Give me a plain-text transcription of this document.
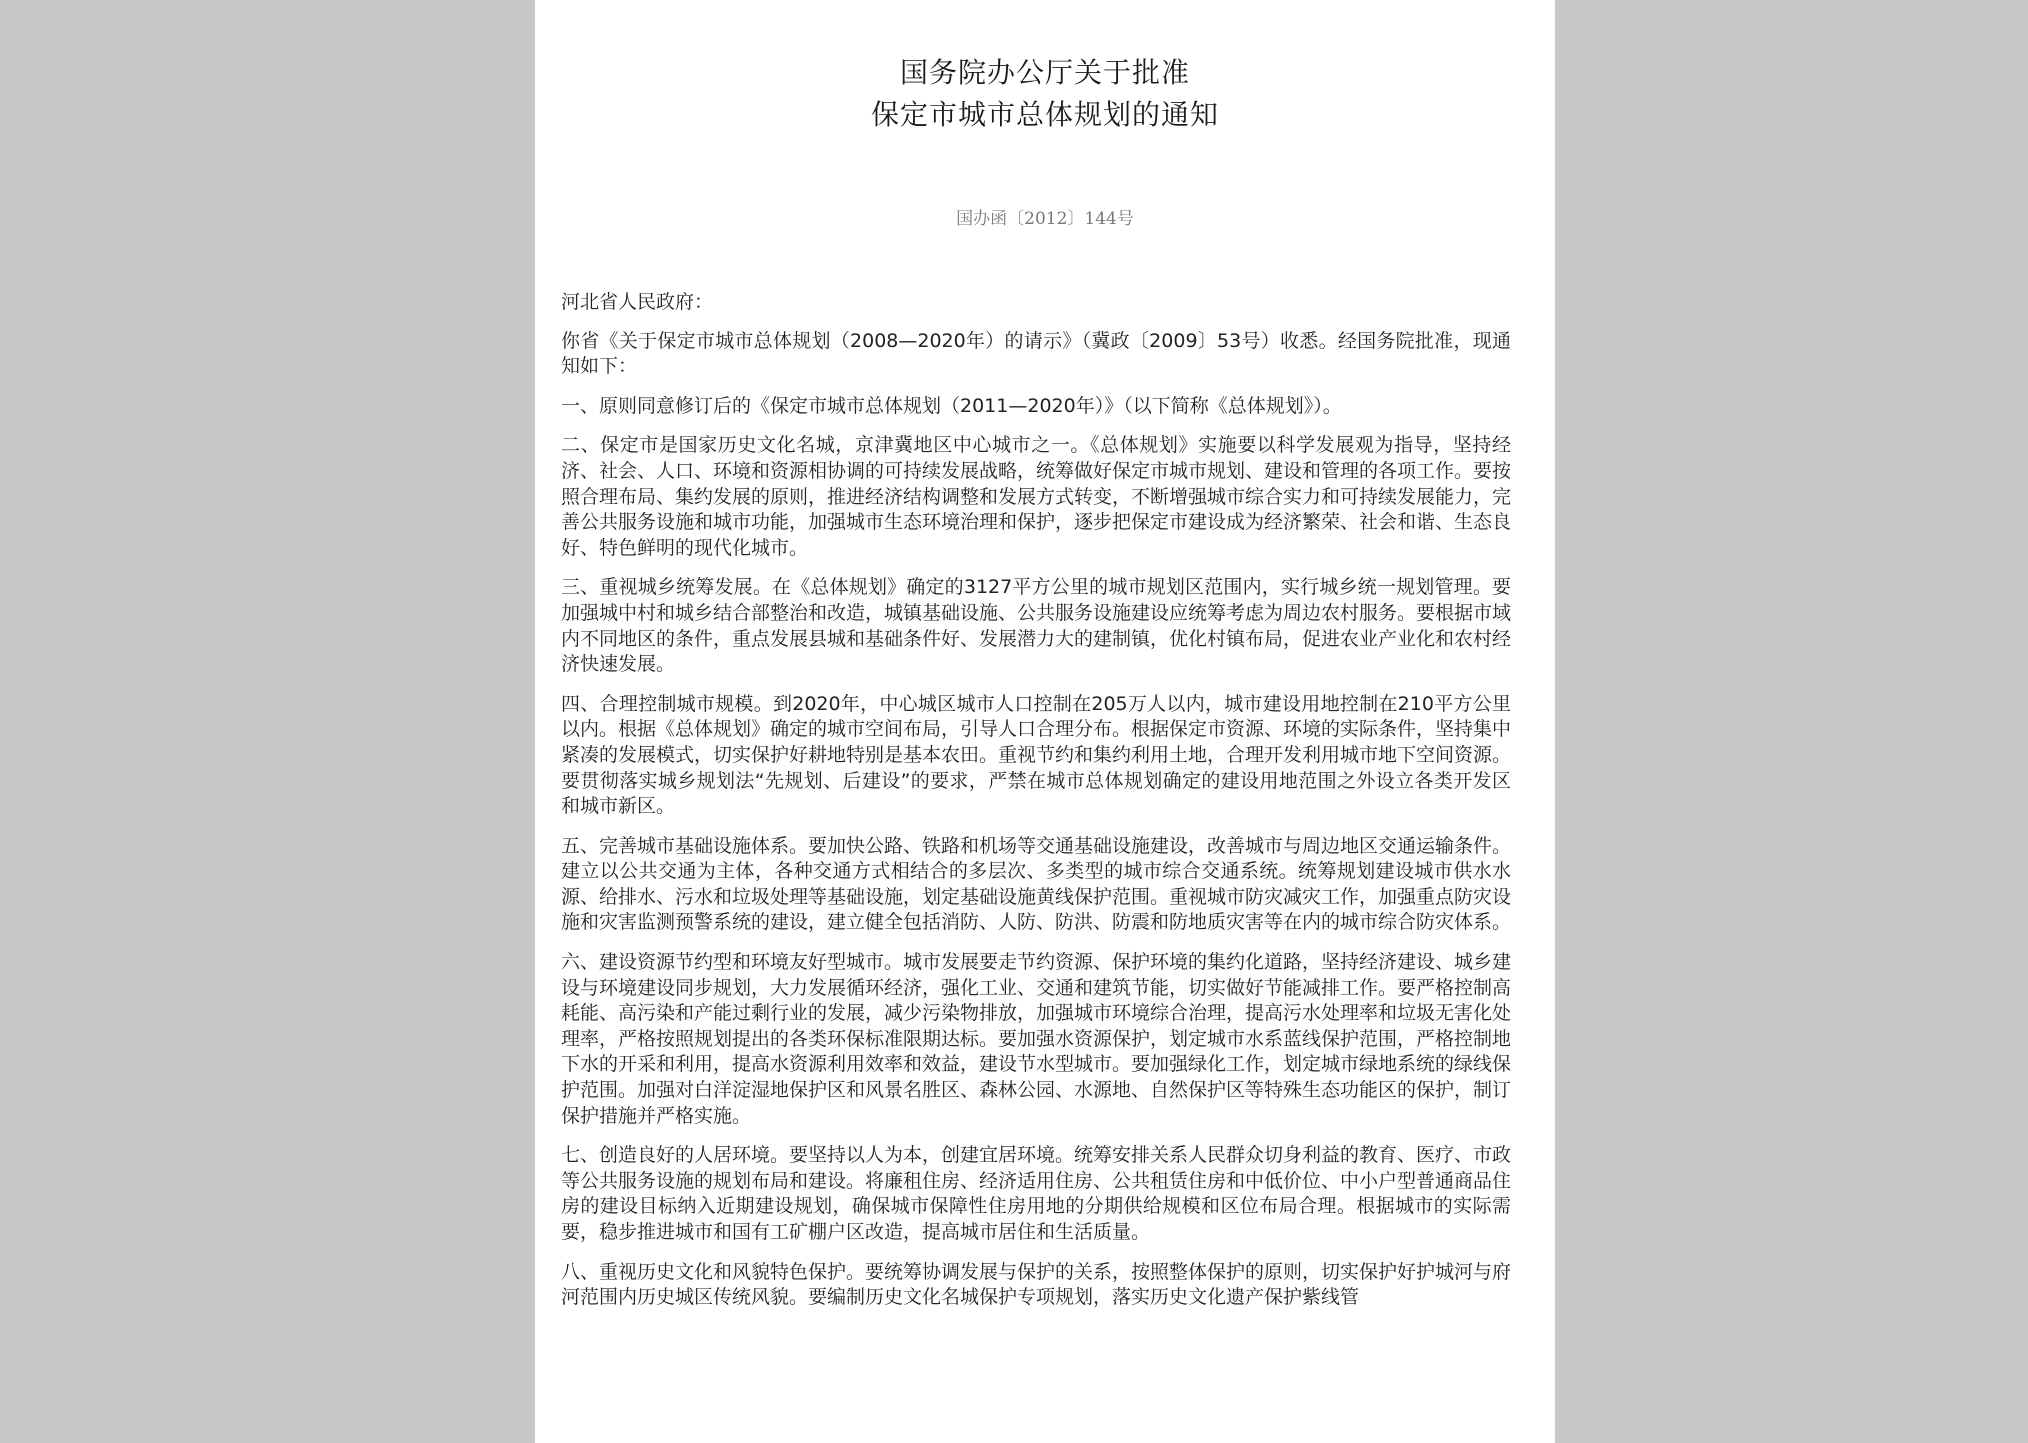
国务院办公厅关于批准
保定市城市总体规划的通知
国办函〔2012〕144号

河北省人民政府：

你省《关于保定市城市总体规划（2008—2020年）的请示》（冀政〔2009〕53号）收悉。经国务院批准，现通知如下：

一、原则同意修订后的《保定市城市总体规划（2011—2020年）》（以下简称《总体规划》）。

二、保定市是国家历史文化名城，京津冀地区中心城市之一。《总体规划》实施要以科学发展观为指导，坚持经济、社会、人口、环境和资源相协调的可持续发展战略，统筹做好保定市城市规划、建设和管理的各项工作。要按照合理布局、集约发展的原则，推进经济结构调整和发展方式转变，不断增强城市综合实力和可持续发展能力，完善公共服务设施和城市功能，加强城市生态环境治理和保护，逐步把保定市建设成为经济繁荣、社会和谐、生态良好、特色鲜明的现代化城市。

三、重视城乡统筹发展。在《总体规划》确定的3127平方公里的城市规划区范围内，实行城乡统一规划管理。要加强城中村和城乡结合部整治和改造，城镇基础设施、公共服务设施建设应统筹考虑为周边农村服务。要根据市域内不同地区的条件，重点发展县城和基础条件好、发展潜力大的建制镇，优化村镇布局，促进农业产业化和农村经济快速发展。

四、合理控制城市规模。到2020年，中心城区城市人口控制在205万人以内，城市建设用地控制在210平方公里以内。根据《总体规划》确定的城市空间布局，引导人口合理分布。根据保定市资源、环境的实际条件，坚持集中紧凑的发展模式，切实保护好耕地特别是基本农田。重视节约和集约利用土地，合理开发利用城市地下空间资源。要贯彻落实城乡规划法“先规划、后建设”的要求，严禁在城市总体规划确定的建设用地范围之外设立各类开发区和城市新区。

五、完善城市基础设施体系。要加快公路、铁路和机场等交通基础设施建设，改善城市与周边地区交通运输条件。建立以公共交通为主体，各种交通方式相结合的多层次、多类型的城市综合交通系统。统筹规划建设城市供水水源、给排水、污水和垃圾处理等基础设施，划定基础设施黄线保护范围。重视城市防灾减灾工作，加强重点防灾设施和灾害监测预警系统的建设，建立健全包括消防、人防、防洪、防震和防地质灾害等在内的城市综合防灾体系。

六、建设资源节约型和环境友好型城市。城市发展要走节约资源、保护环境的集约化道路，坚持经济建设、城乡建设与环境建设同步规划，大力发展循环经济，强化工业、交通和建筑节能，切实做好节能减排工作。要严格控制高耗能、高污染和产能过剩行业的发展，减少污染物排放，加强城市环境综合治理，提高污水处理率和垃圾无害化处理率，严格按照规划提出的各类环保标准限期达标。要加强水资源保护，划定城市水系蓝线保护范围，严格控制地下水的开采和利用，提高水资源利用效率和效益，建设节水型城市。要加强绿化工作，划定城市绿地系统的绿线保护范围。加强对白洋淀湿地保护区和风景名胜区、森林公园、水源地、自然保护区等特殊生态功能区的保护，制订保护措施并严格实施。

七、创造良好的人居环境。要坚持以人为本，创建宜居环境。统筹安排关系人民群众切身利益的教育、医疗、市政等公共服务设施的规划布局和建设。将廉租住房、经济适用住房、公共租赁住房和中低价位、中小户型普通商品住房的建设目标纳入近期建设规划，确保城市保障性住房用地的分期供给规模和区位布局合理。根据城市的实际需要，稳步推进城市和国有工矿棚户区改造，提高城市居住和生活质量。

八、重视历史文化和风貌特色保护。要统筹协调发展与保护的关系，按照整体保护的原则，切实保护好护城河与府河范围内历史城区传统风貌。要编制历史文化名城保护专项规划，落实历史文化遗产保护紫线管
